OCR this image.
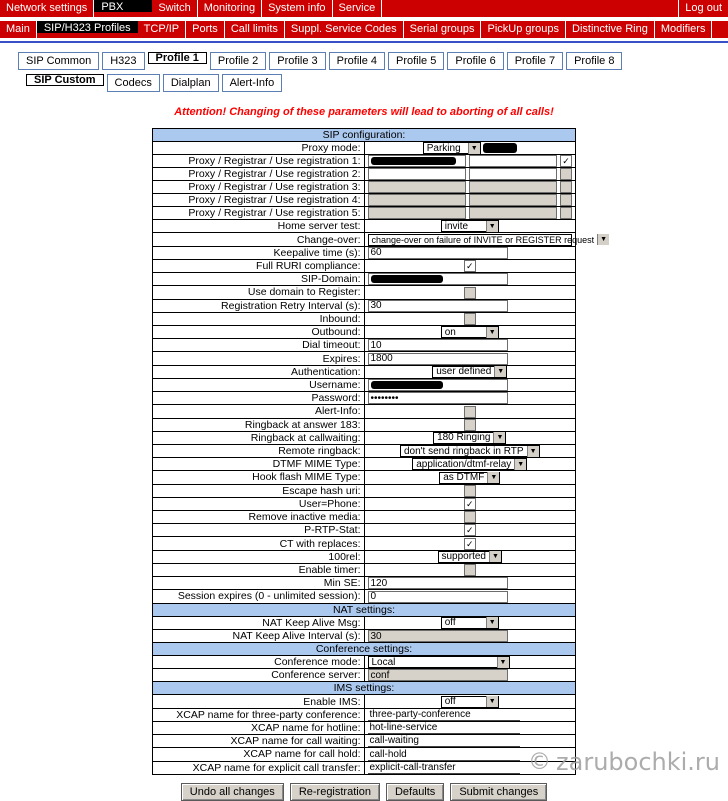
Network settings	PBX	Switch	Monitoring	System info	Service	Log out
Main	SIP/H323 Profiles	TCP/IP	Ports	Call limits	Suppl. Service Codes	Serial groups	PickUp groups	Distinctive Ring	Modifiers
SIP Common	H323	Profile 1	Profile 2	Profile 3	Profile 4	Profile 5	Profile 6	Profile 7	Profile 8
SIP Custom	Codecs	Dialplan	Alert-Info
Attention! Changing of these parameters will lead to aborting of all calls!
SIP configuration:	
Proxy mode:	Parking ▼

Proxy / Registrar / Use registration 1:	✓

Proxy / Registrar / Use registration 2:	

Proxy / Registrar / Use registration 3:	

Proxy / Registrar / Use registration 4:	

Proxy / Registrar / Use registration 5:	

Home server test:	invite ▼

Change-over:	change-over on failure of INVITE or REGISTER request ▼

Keepalive time (s):	60

Full RURI compliance:	✓
SIP-Domain:	

Use domain to Register:	
Registration Retry Interval (s):	30

Inbound:	
Outbound:	on ▼

Dial timeout:	10

Expires:	1800

Authentication:	user defined ▼

Username:	

Password:	••••••••

Alert-Info:	
Ringback at answer 183:	
Ringback at callwaiting:	180 Ringing ▼

Remote ringback:	don't send ringback in RTP ▼

DTMF MIME Type:	application/dtmf-relay ▼

Hook flash MIME Type:	as DTMF ▼

Escape hash uri:	
User=Phone:	✓
Remove inactive media:	
P-RTP-Stat:	✓
CT with replaces:	✓
100rel:	supported ▼

Enable timer:	
Min SE:	120

Session expires (0 - unlimited session):	0

NAT settings:	
NAT Keep Alive Msg:	off ▼

NAT Keep Alive Interval (s):	30

Conference settings:	
Conference mode:	Local ▼

Conference server:	conf

IMS settings:	
Enable IMS:	off ▼

XCAP name for three-party conference:	three-party-conference

XCAP name for hotline:	hot-line-service

XCAP name for call waiting:	call-waiting

XCAP name for call hold:	call-hold

XCAP name for explicit call transfer:	explicit-call-transfer
Undo all changes	Re-registration	Defaults	Submit changes
© zarubochki.ru
